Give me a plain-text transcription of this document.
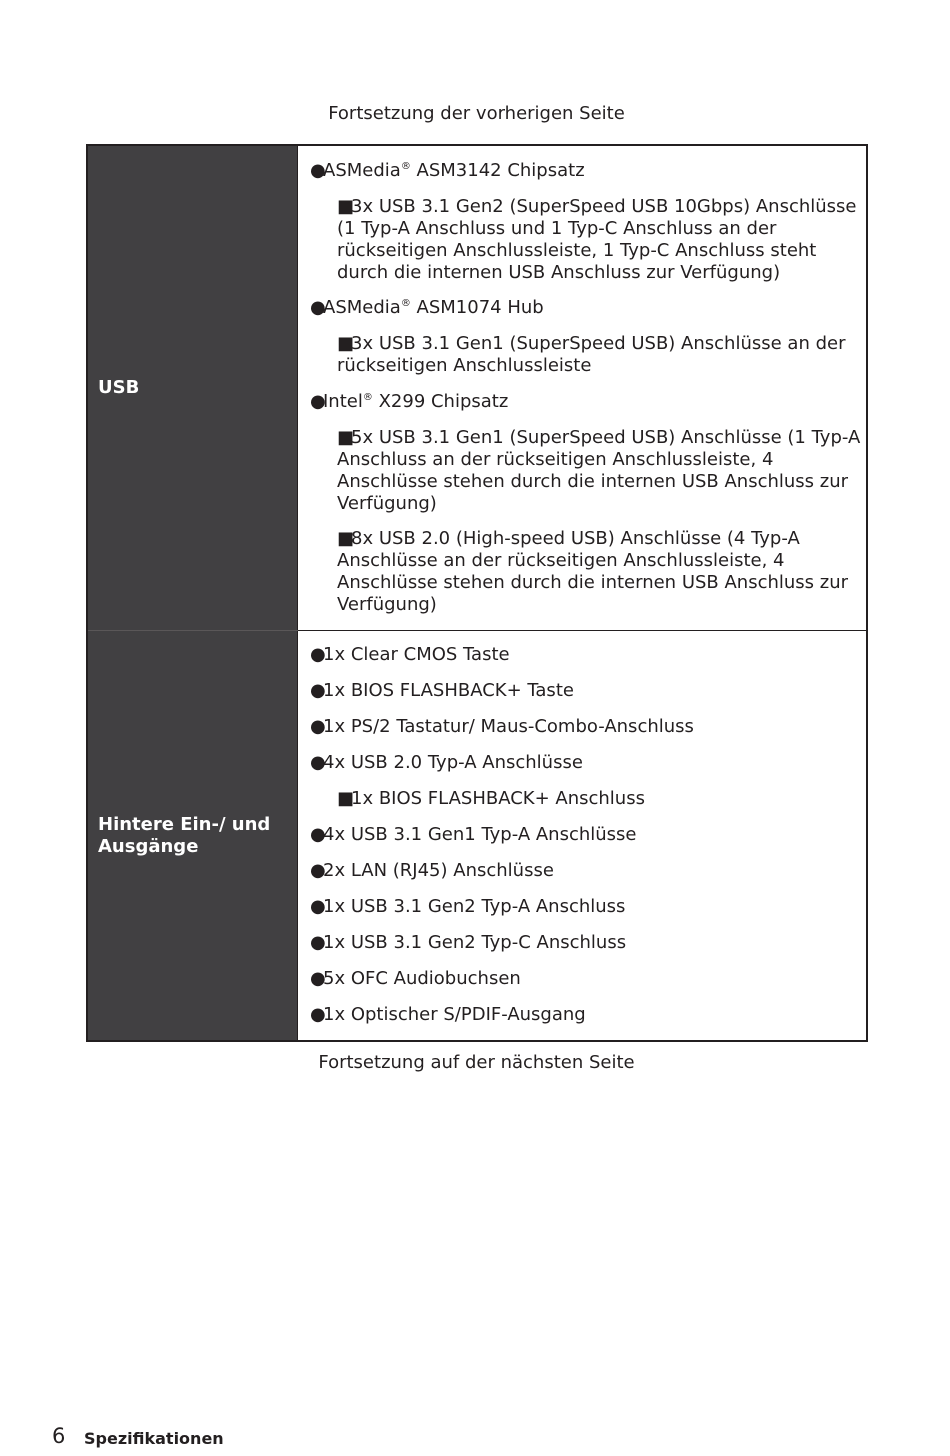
Fortsetzung der vorherigen Seite
USB
●ASMedia® ASM3142 Chipsatz
■3x USB 3.1 Gen2 (SuperSpeed USB 10Gbps) Anschlüsse (1 Typ-A Anschluss und 1 Typ-C Anschluss an der rückseitigen Anschlussleiste, 1 Typ-C Anschluss steht durch die internen USB Anschluss zur Verfügung)
●ASMedia® ASM1074 Hub
■3x USB 3.1 Gen1 (SuperSpeed USB) Anschlüsse an der rückseitigen Anschlussleiste
●Intel® X299 Chipsatz
■5x USB 3.1 Gen1 (SuperSpeed USB) Anschlüsse (1 Typ-A Anschluss an der rückseitigen Anschlussleiste, 4 Anschlüsse stehen durch die internen USB Anschluss zur Verfügung)
■8x USB 2.0 (High-speed USB) Anschlüsse (4 Typ-A Anschlüsse an der rückseitigen Anschlussleiste, 4 Anschlüsse stehen durch die internen USB Anschluss zur Verfügung)
Hintere Ein-/ und Ausgänge
●1x Clear CMOS Taste
●1x BIOS FLASHBACK+ Taste
●1x PS/2 Tastatur/ Maus-Combo-Anschluss
●4x USB 2.0 Typ-A Anschlüsse
■1x BIOS FLASHBACK+ Anschluss
●4x USB 3.1 Gen1 Typ-A Anschlüsse
●2x LAN (RJ45) Anschlüsse
●1x USB 3.1 Gen2 Typ-A Anschluss
●1x USB 3.1 Gen2 Typ-C Anschluss
●5x OFC Audiobuchsen
●1x Optischer S/PDIF-Ausgang
Fortsetzung auf der nächsten Seite
6 Spezifikationen
